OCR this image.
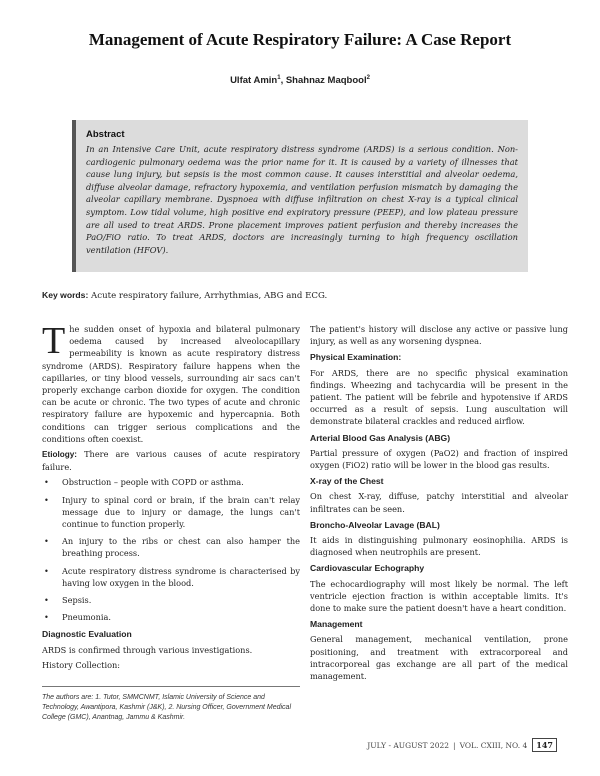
Management of Acute Respiratory Failure: A Case Report
Ulfat Amin$^1$, Shahnaz Maqbool$^2$
Abstract
In an Intensive Care Unit, acute respiratory distress syndrome (ARDS) is a serious condition. Non-cardiogenic pulmonary oedema was the prior name for it. It is caused by a variety of illnesses that cause lung injury, but sepsis is the most common cause. It causes interstitial and alveolar oedema, diffuse alveolar damage, refractory hypoxemia, and ventilation perfusion mismatch by damaging the alveolar capillary membrane. Dyspnoea with diffuse infiltration on chest X-ray is a typical clinical symptom. Low tidal volume, high positive end expiratory pressure (PEEP), and low plateau pressure are all used to treat ARDS. Prone placement improves patient perfusion and thereby increases the PaO/FiO ratio. To treat ARDS, doctors are increasingly turning to high frequency oscillation ventilation (HFOV).
Key words: Acute respiratory failure, Arrhythmias, ABG and ECG.

The sudden onset of hypoxia and bilateral pulmonary oedema caused by increased alveolocapillary permeability is known as acute respiratory distress syndrome (ARDS). Respiratory failure happens when the capillaries, or tiny blood vessels, surrounding air sacs can't properly exchange carbon dioxide for oxygen. The condition can be acute or chronic. The two types of acute and chronic respiratory failure are hypoxemic and hypercapnia. Both conditions can trigger serious complications and the conditions often coexist.

Etiology: There are various causes of acute respiratory failure.

• Obstruction – people with COPD or asthma.
• Injury to spinal cord or brain, if the brain can't relay message due to injury or damage, the lungs can't continue to function properly.
• An injury to the ribs or chest can also hamper the breathing process.
• Acute respiratory distress syndrome is characterised by having low oxygen in the blood.
• Sepsis.
• Pneumonia.
Diagnostic Evaluation

ARDS is confirmed through various investigations.

History Collection:

The authors are: 1. Tutor, SMMCNMT, Islamic University of Science and Technology, Awantipora, Kashmir (J&K), 2. Nursing Officer, Government Medical College (GMC), Anantnag, Jammu & Kashmir.

The patient's history will disclose any active or passive lung injury, as well as any worsening dyspnea.

Physical Examination:

For ARDS, there are no specific physical examination findings. Wheezing and tachycardia will be present in the patient. The patient will be febrile and hypotensive if ARDS occurred as a result of sepsis. Lung auscultation will demonstrate bilateral crackles and reduced airflow.

Arterial Blood Gas Analysis (ABG)

Partial pressure of oxygen (PaO2) and fraction of inspired oxygen (FiO2) ratio will be lower in the blood gas results.

X-ray of the Chest

On chest X-ray, diffuse, patchy interstitial and alveolar infiltrates can be seen.

Broncho-Alveolar Lavage (BAL)

It aids in distinguishing pulmonary eosinophilia. ARDS is diagnosed when neutrophils are present.

Cardiovascular Echography

The echocardiography will most likely be normal. The left ventricle ejection fraction is within acceptable limits. It's done to make sure the patient doesn't have a heart condition.

Management

General management, mechanical ventilation, prone positioning, and treatment with extracorporeal and intracorporeal gas exchange are all part of the medical management.

JULY - AUGUST 2022 | VOL. CXIII, NO. 4	147
